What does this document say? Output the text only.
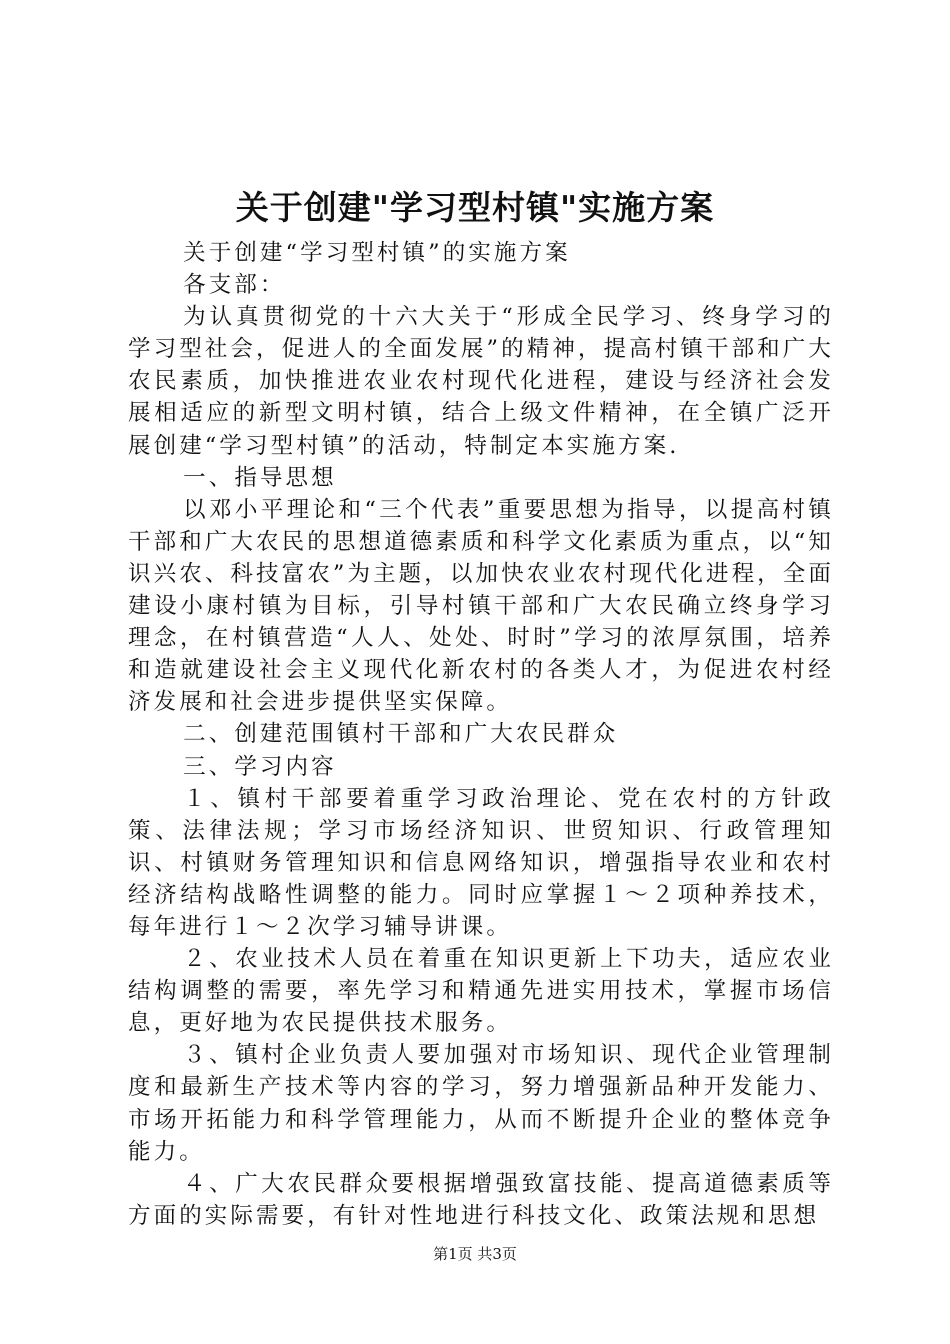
关于创建"学习型村镇"实施方案

关于创建“学习型村镇”的实施方案

各支部：

为认真贯彻党的十六大关于“形成全民学习、终身学习的学习型社会，促进人的全面发展”的精神，提高村镇干部和广大农民素质，加快推进农业农村现代化进程，建设与经济社会发展相适应的新型文明村镇，结合上级文件精神，在全镇广泛开展创建“学习型村镇”的活动，特制定本实施方案.

一、指导思想

以邓小平理论和“三个代表”重要思想为指导，以提高村镇干部和广大农民的思想道德素质和科学文化素质为重点，以“知识兴农、科技富农”为主题，以加快农业农村现代化进程，全面建设小康村镇为目标，引导村镇干部和广大农民确立终身学习理念，在村镇营造“人人、处处、时时”学习的浓厚氛围，培养和造就建设社会主义现代化新农村的各类人才，为促进农村经济发展和社会进步提供坚实保障。

二、创建范围镇村干部和广大农民群众

三、学习内容

１、镇村干部要着重学习政治理论、党在农村的方针政策、法律法规；学习市场经济知识、世贸知识、行政管理知识、村镇财务管理知识和信息网络知识，增强指导农业和农村经济结构战略性调整的能力。同时应掌握１～２项种养技术，每年进行１～２次学习辅导讲课。

２、农业技术人员在着重在知识更新上下功夫，适应农业结构调整的需要，率先学习和精通先进实用技术，掌握市场信息，更好地为农民提供技术服务。

３、镇村企业负责人要加强对市场知识、现代企业管理制度和最新生产技术等内容的学习，努力增强新品种开发能力、市场开拓能力和科学管理能力，从而不断提升企业的整体竞争能力。

４、广大农民群众要根据增强致富技能、提高道德素质等方面的实际需要，有针对性地进行科技文化、政策法规和思想

第1页 共3页
